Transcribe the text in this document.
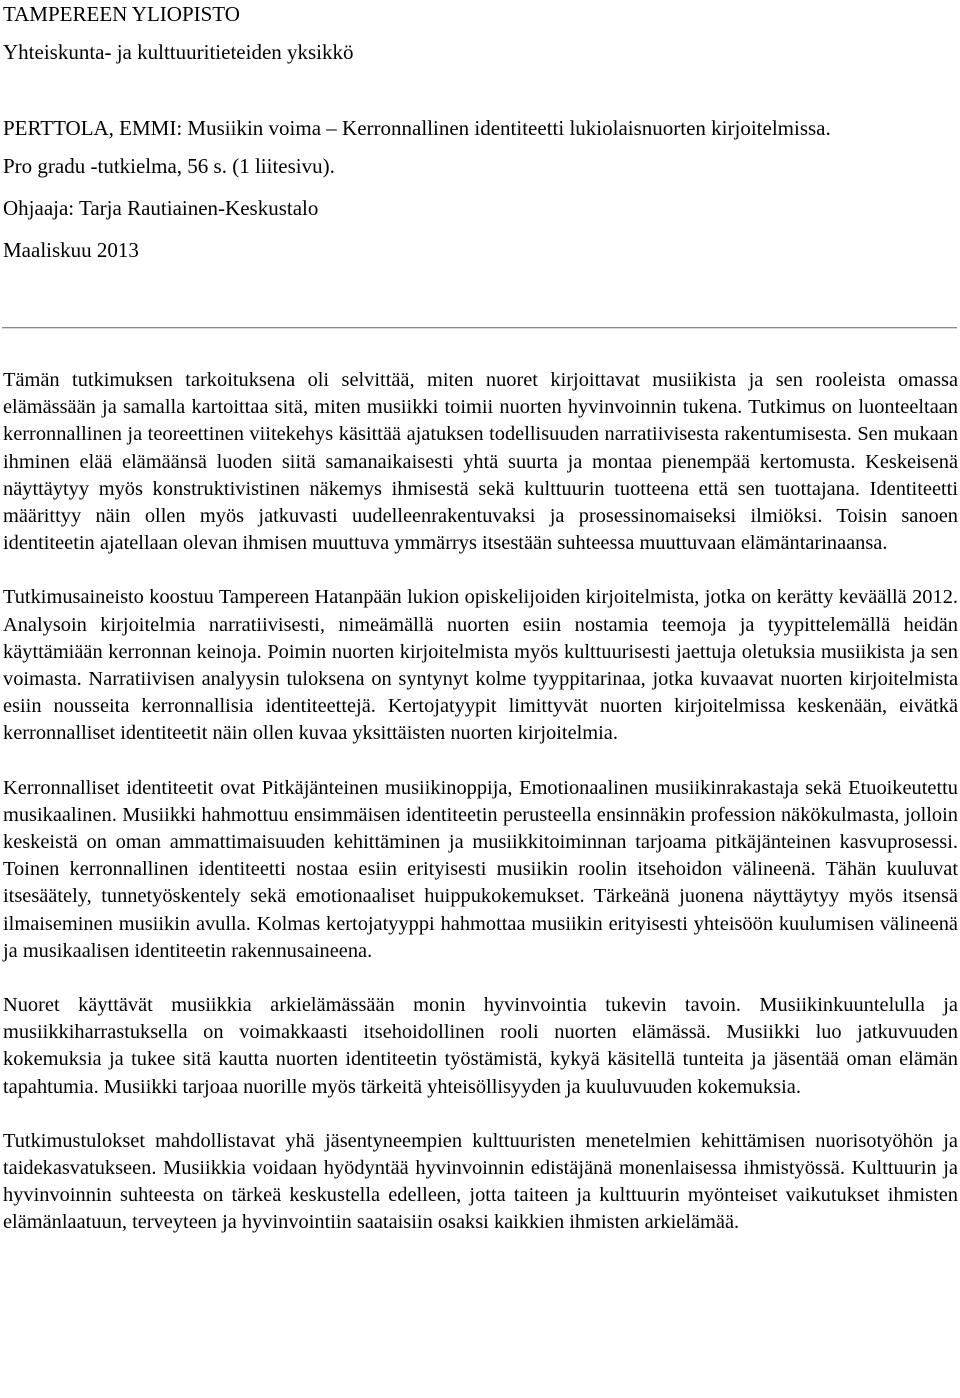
TAMPEREEN YLIOPISTO

Yhteiskunta- ja kulttuuritieteiden yksikkö

PERTTOLA, EMMI: Musiikin voima – Kerronnallinen identiteetti lukiolaisnuorten kirjoitelmissa.

Pro gradu -tutkielma, 56 s. (1 liitesivu).

Ohjaaja: Tarja Rautiainen-Keskustalo

Maaliskuu 2013

Tämän tutkimuksen tarkoituksena oli selvittää, miten nuoret kirjoittavat musiikista ja sen rooleista omassa elämässään ja samalla kartoittaa sitä, miten musiikki toimii nuorten hyvinvoinnin tukena. Tutkimus on luonteeltaan kerronnallinen ja teoreettinen viitekehys käsittää ajatuksen todellisuuden narratiivisesta rakentumisesta. Sen mukaan ihminen elää elämäänsä luoden siitä samanaikaisesti yhtä suurta ja montaa pienempää kertomusta. Keskeisenä näyttäytyy myös konstruktivistinen näkemys ihmisestä sekä kulttuurin tuotteena että sen tuottajana. Identiteetti määrittyy näin ollen myös jatkuvasti uudelleenrakentuvaksi ja prosessinomaiseksi ilmiöksi. Toisin sanoen identiteetin ajatellaan olevan ihmisen muuttuva ymmärrys itsestään suhteessa muuttuvaan elämäntarinaansa.

Tutkimusaineisto koostuu Tampereen Hatanpään lukion opiskelijoiden kirjoitelmista, jotka on kerätty keväällä 2012. Analysoin kirjoitelmia narratiivisesti, nimeämällä nuorten esiin nostamia teemoja ja tyypittelemällä heidän käyttämiään kerronnan keinoja. Poimin nuorten kirjoitelmista myös kulttuurisesti jaettuja oletuksia musiikista ja sen voimasta. Narratiivisen analyysin tuloksena on syntynyt kolme tyyppitarinaa, jotka kuvaavat nuorten kirjoitelmista esiin nousseita kerronnallisia identiteettejä. Kertojatyypit limittyvät nuorten kirjoitelmissa keskenään, eivätkä kerronnalliset identiteetit näin ollen kuvaa yksittäisten nuorten kirjoitelmia.

Kerronnalliset identiteetit ovat Pitkäjänteinen musiikinoppija, Emotionaalinen musiikinrakastaja sekä Etuoikeutettu musikaalinen. Musiikki hahmottuu ensimmäisen identiteetin perusteella ensinnäkin profession näkökulmasta, jolloin keskeistä on oman ammattimaisuuden kehittäminen ja musiikkitoiminnan tarjoama pitkäjänteinen kasvuprosessi. Toinen kerronnallinen identiteetti nostaa esiin erityisesti musiikin roolin itsehoidon välineenä. Tähän kuuluvat itsesäätely, tunnetyöskentely sekä emotionaaliset huippukokemukset. Tärkeänä juonena näyttäytyy myös itsensä ilmaiseminen musiikin avulla. Kolmas kertojatyyppi hahmottaa musiikin erityisesti yhteisöön kuulumisen välineenä ja musikaalisen identiteetin rakennusaineena.

Nuoret käyttävät musiikkia arkielämässään monin hyvinvointia tukevin tavoin. Musiikinkuuntelulla ja musiikkiharrastuksella on voimakkaasti itsehoidollinen rooli nuorten elämässä. Musiikki luo jatkuvuuden kokemuksia ja tukee sitä kautta nuorten identiteetin työstämistä, kykyä käsitellä tunteita ja jäsentää oman elämän tapahtumia. Musiikki tarjoaa nuorille myös tärkeitä yhteisöllisyyden ja kuuluvuuden kokemuksia.

Tutkimustulokset mahdollistavat yhä jäsentyneempien kulttuuristen menetelmien kehittämisen nuorisotyöhön ja taidekasvatukseen. Musiikkia voidaan hyödyntää hyvinvoinnin edistäjänä monenlaisessa ihmistyössä. Kulttuurin ja hyvinvoinnin suhteesta on tärkeä keskustella edelleen, jotta taiteen ja kulttuurin myönteiset vaikutukset ihmisten elämänlaatuun, terveyteen ja hyvinvointiin saataisiin osaksi kaikkien ihmisten arkielämää.
